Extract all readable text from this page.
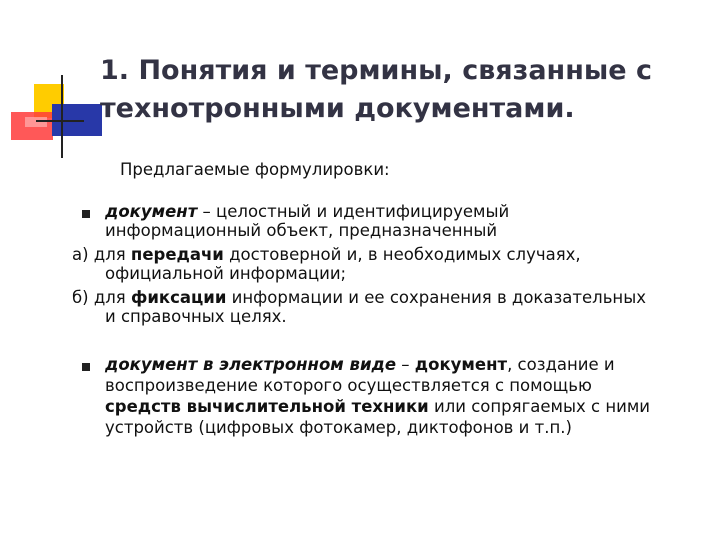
1. Понятия и термины, связанные с
технотронными документами.
Предлагаемые формулировки:
документ – целостный и идентифицируемый
информационный объект, предназначенный
а) для передачи достоверной и, в необходимых случаях,
официальной информации;
б) для фиксации информации и ее сохранения в доказательных
и справочных целях.
документ в электронном виде – документ, создание и
воспроизведение которого осуществляется с помощью
средств вычислительной техники или сопрягаемых с ними
устройств (цифровых фотокамер, диктофонов и т.п.)
